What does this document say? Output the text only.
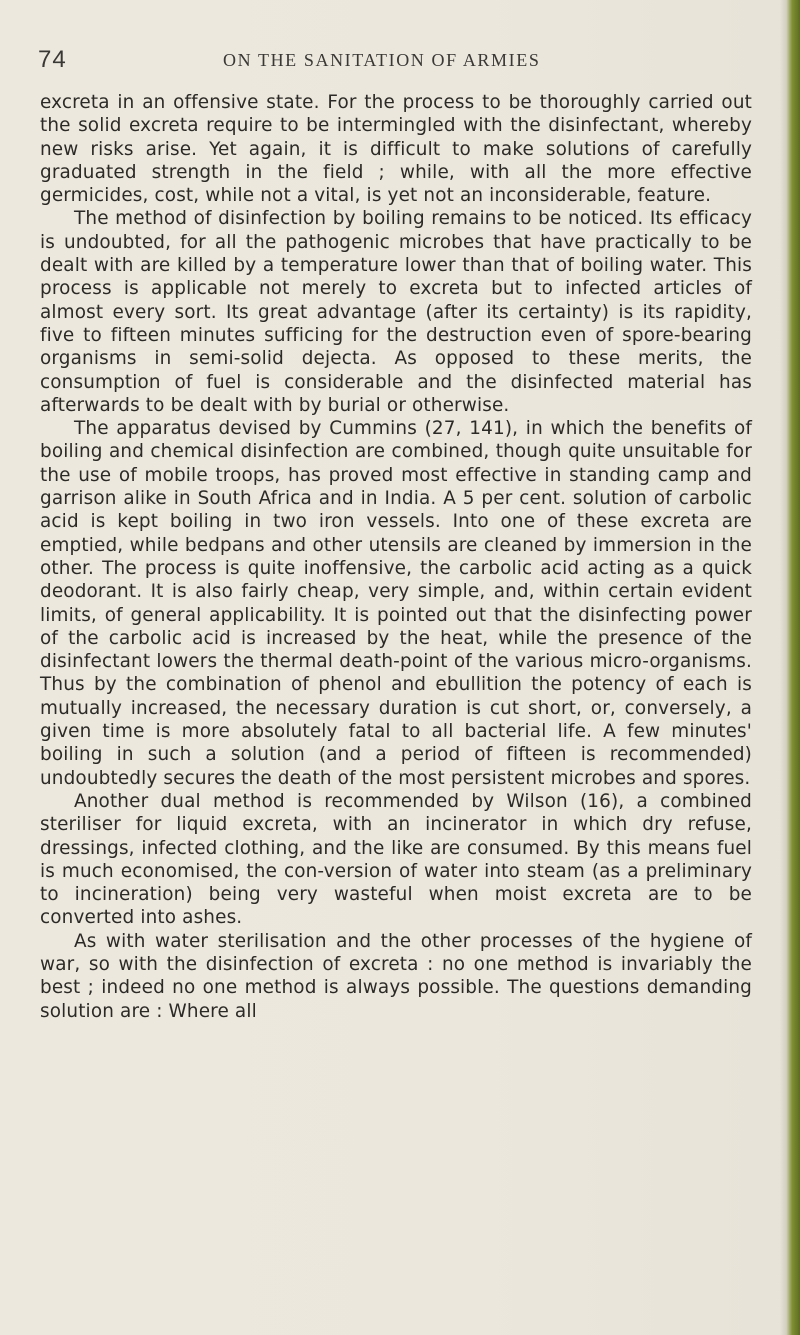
74	ON THE SANITATION OF ARMIES

excreta in an offensive state. For the process to be thoroughly carried out the solid excreta require to be intermingled with the disinfectant, whereby new risks arise. Yet again, it is difficult to make solutions of carefully graduated strength in the field ; while, with all the more effective germicides, cost, while not a vital, is yet not an inconsiderable, feature.

The method of disinfection by boiling remains to be noticed. Its efficacy is undoubted, for all the pathogenic microbes that have practically to be dealt with are killed by a temperature lower than that of boiling water. This process is applicable not merely to excreta but to infected articles of almost every sort. Its great advantage (after its certainty) is its rapidity, five to fifteen minutes sufficing for the destruction even of spore-bearing organisms in semi-solid dejecta. As opposed to these merits, the consumption of fuel is considerable and the disinfected material has afterwards to be dealt with by burial or otherwise.

The apparatus devised by Cummins (27, 141), in which the benefits of boiling and chemical disinfection are combined, though quite unsuitable for the use of mobile troops, has proved most effective in standing camp and garrison alike in South Africa and in India. A 5 per cent. solution of carbolic acid is kept boiling in two iron vessels. Into one of these excreta are emptied, while bedpans and other utensils are cleaned by immersion in the other. The process is quite inoffensive, the carbolic acid acting as a quick deodorant. It is also fairly cheap, very simple, and, within certain evident limits, of general applicability. It is pointed out that the disinfecting power of the carbolic acid is increased by the heat, while the presence of the disinfectant lowers the thermal death-point of the various micro-organisms. Thus by the combination of phenol and ebullition the potency of each is mutually increased, the necessary duration is cut short, or, conversely, a given time is more absolutely fatal to all bacterial life. A few minutes' boiling in such a solution (and a period of fifteen is recommended) undoubtedly secures the death of the most persistent microbes and spores.

Another dual method is recommended by Wilson (16), a combined steriliser for liquid excreta, with an incinerator in which dry refuse, dressings, infected clothing, and the like are consumed. By this means fuel is much economised, the con-version of water into steam (as a preliminary to incineration) being very wasteful when moist excreta are to be converted into ashes.

As with water sterilisation and the other processes of the hygiene of war, so with the disinfection of excreta : no one method is invariably the best ; indeed no one method is always possible. The questions demanding solution are : Where all
